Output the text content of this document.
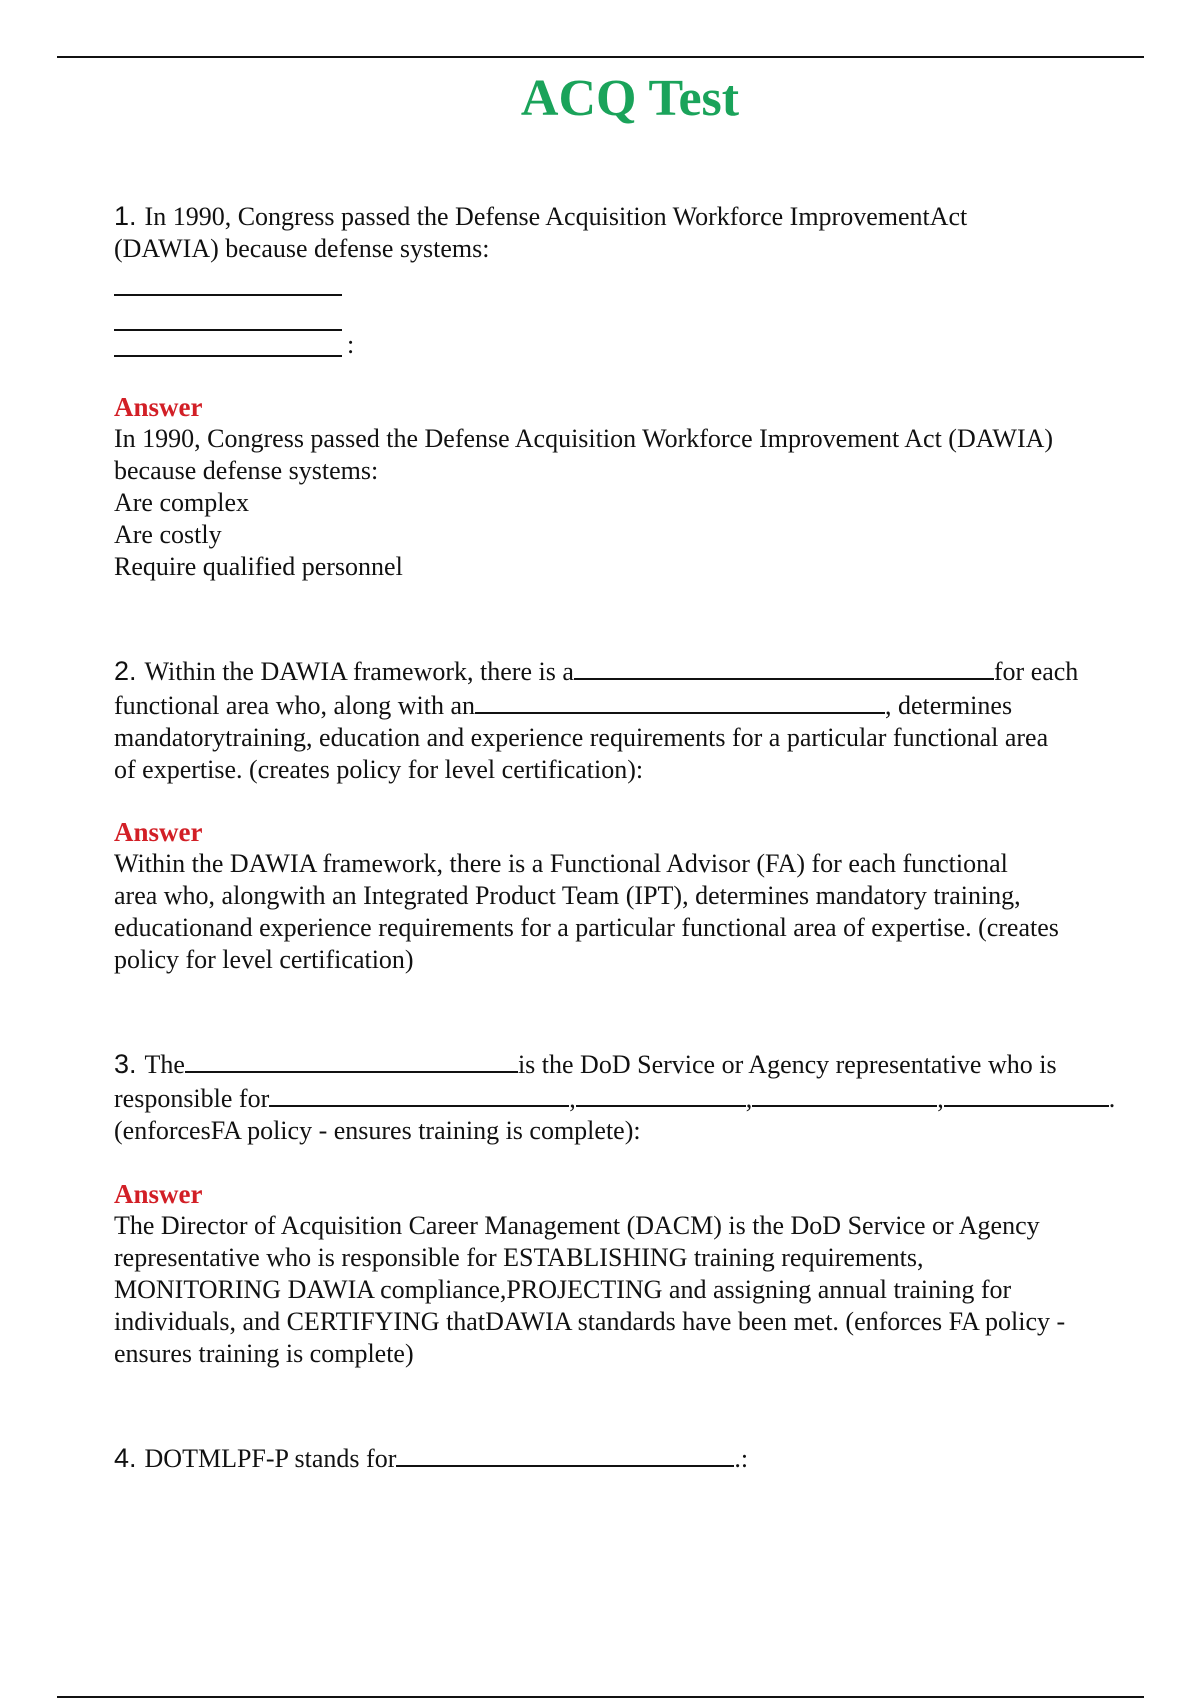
ACQ Test
1. In 1990, Congress passed the Defense Acquisition Workforce ImprovementAct
(DAWIA) because defense systems:
:
Answer
In 1990, Congress passed the Defense Acquisition Workforce Improvement Act (DAWIA)
because defense systems:
Are complex
Are costly
Require qualified personnel
2. Within the DAWIA framework, there is a	for each
functional area who, along with an	, determines
mandatorytraining, education and experience requirements for a particular functional area
of expertise. (creates policy for level certification):
Answer
Within the DAWIA framework, there is a Functional Advisor (FA) for each functional
area who, alongwith an Integrated Product Team (IPT), determines mandatory training,
educationand experience requirements for a particular functional area of expertise. (creates
policy for level certification)
3. The	is the DoD Service or Agency representative who is
responsible for	,	,	,	.
(enforcesFA policy - ensures training is complete):
Answer
The Director of Acquisition Career Management (DACM) is the DoD Service or Agency
representative who is responsible for ESTABLISHING training requirements,
MONITORING DAWIA compliance,PROJECTING and assigning annual training for
individuals, and CERTIFYING thatDAWIA standards have been met. (enforces FA policy -
ensures training is complete)
4. DOTMLPF-P stands for	.:
